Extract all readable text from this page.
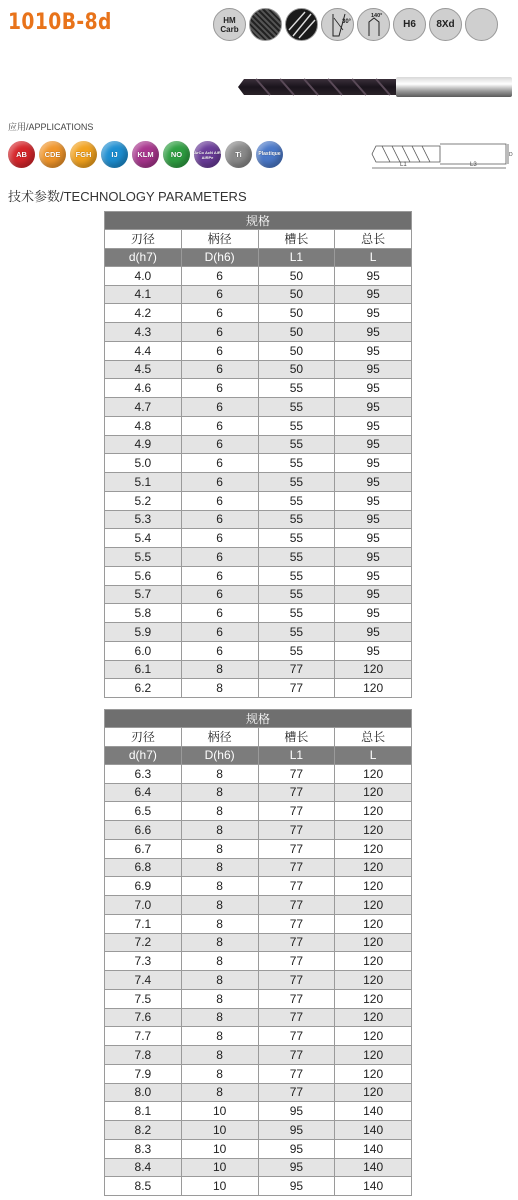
1010B-8d	HM Carb
30°
140°
H6	8Xd
应用/APPLICATIONS
AB	CDE	FGH	IJ	KLM	NO	ArCo AcN AlR AlRPe	Ti	Plastique
L1	L3
D
技术参数/TECHNOLOGY PARAMETERS
规格			
刃径	柄径	槽长	总长
d(h7)	D(h6)	L1	L
4.0	6	50	95
4.1	6	50	95
4.2	6	50	95
4.3	6	50	95
4.4	6	50	95
4.5	6	50	95
4.6	6	55	95
4.7	6	55	95
4.8	6	55	95
4.9	6	55	95
5.0	6	55	95
5.1	6	55	95
5.2	6	55	95
5.3	6	55	95
5.4	6	55	95
5.5	6	55	95
5.6	6	55	95
5.7	6	55	95
5.8	6	55	95
5.9	6	55	95
6.0	6	55	95
6.1	8	77	120
6.2	8	77	120
规格			
刃径	柄径	槽长	总长
d(h7)	D(h6)	L1	L
6.3	8	77	120
6.4	8	77	120
6.5	8	77	120
6.6	8	77	120
6.7	8	77	120
6.8	8	77	120
6.9	8	77	120
7.0	8	77	120
7.1	8	77	120
7.2	8	77	120
7.3	8	77	120
7.4	8	77	120
7.5	8	77	120
7.6	8	77	120
7.7	8	77	120
7.8	8	77	120
7.9	8	77	120
8.0	8	77	120
8.1	10	95	140
8.2	10	95	140
8.3	10	95	140
8.4	10	95	140
8.5	10	95	140
